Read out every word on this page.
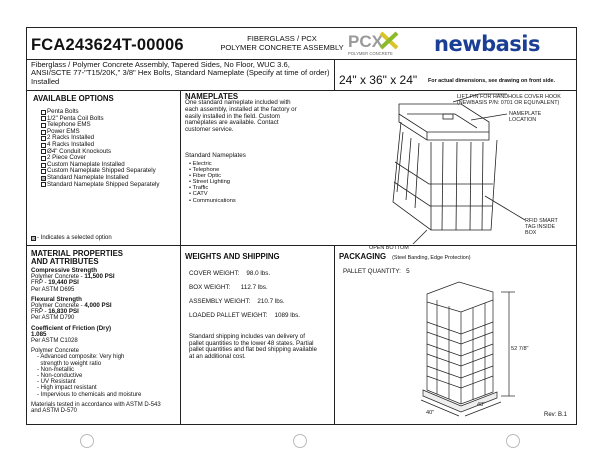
FCA243624T-00006	FIBERGLASS / PCX
POLYMER CONCRETE ASSEMBLY PCX
POLYMER CONCRETE newbasis
Fiberglass / Polymer Concrete Assembly, Tapered Sides, No Floor, WUC 3.6, ANSI/SCTE 77-"T15/20K," 3/8" Hex Bolts, Standard Nameplate (Specify at time of order) Installed	24" x 36" x 24" For actual dimensions, see drawing on front side.
AVAILABLE OPTIONS
Penta Bolts
1/2" Penta Coil Bolts
Telephone EMS
Power EMS
2 Racks Installed
4 Racks Installed
Ø4" Conduit Knockouts
2 Piece Cover
Custom Nameplate Installed
Custom Nameplate Shipped Separately
☒ Standard Nameplate Installed
Standard Nameplate Shipped Separately
☒ - Indicates a selected option
NAMEPLATES
One standard nameplate included with each assembly, installed at the factory or easily installed in the field. Custom nameplates are available. Contact customer service.
Standard Nameplates
• Electric
• Telephone
• Fiber Optic
• Street Lighting
• Traffic
• CATV
• Communications
LIFT PIN FOR HANDHOLE COVER HOOK
(NEWBASIS P/N: 0701 OR EQUIVALENT)
NAMEPLATE
LOCATION
RFID SMART
TAG INSIDE
BOX
OPEN BOTTOM
MATERIAL PROPERTIES
AND ATTRIBUTES
Compressive Strength
Polymer Concrete - 11,500 PSI
FRP - 19,440 PSI
Per ASTM D695

Flexural Strength
Polymer Concrete - 4,000 PSI
FRP - 16,830 PSI
Per ASTM D790

Coefficient of Friction (Dry)
1.085
Per ASTM C1028

Polymer Concrete
- Advanced composite: Very high
strength to weight ratio
- Non-metallic
- Non-conductive
- UV Resistant
- High impact resistant
- Impervious to chemicals and moisture
Materials tested in accordance with ASTM D-543
and ASTM D-570
WEIGHTS AND SHIPPING
COVER WEIGHT: 98.0 lbs.
BOX WEIGHT: 112.7 lbs.
ASSEMBLY WEIGHT: 210.7 lbs.
LOADED PALLET WEIGHT: 1089 lbs.
Standard shipping includes van delivery of pallet quantities to the lower 48 states. Partial pallet quantities and flat bed shipping available at an additional cost.
PACKAGING (Steel Banding, Edge Protection)
PALLET QUANTITY: 5
52 7/8"
48"
40"	Rev: B.1
